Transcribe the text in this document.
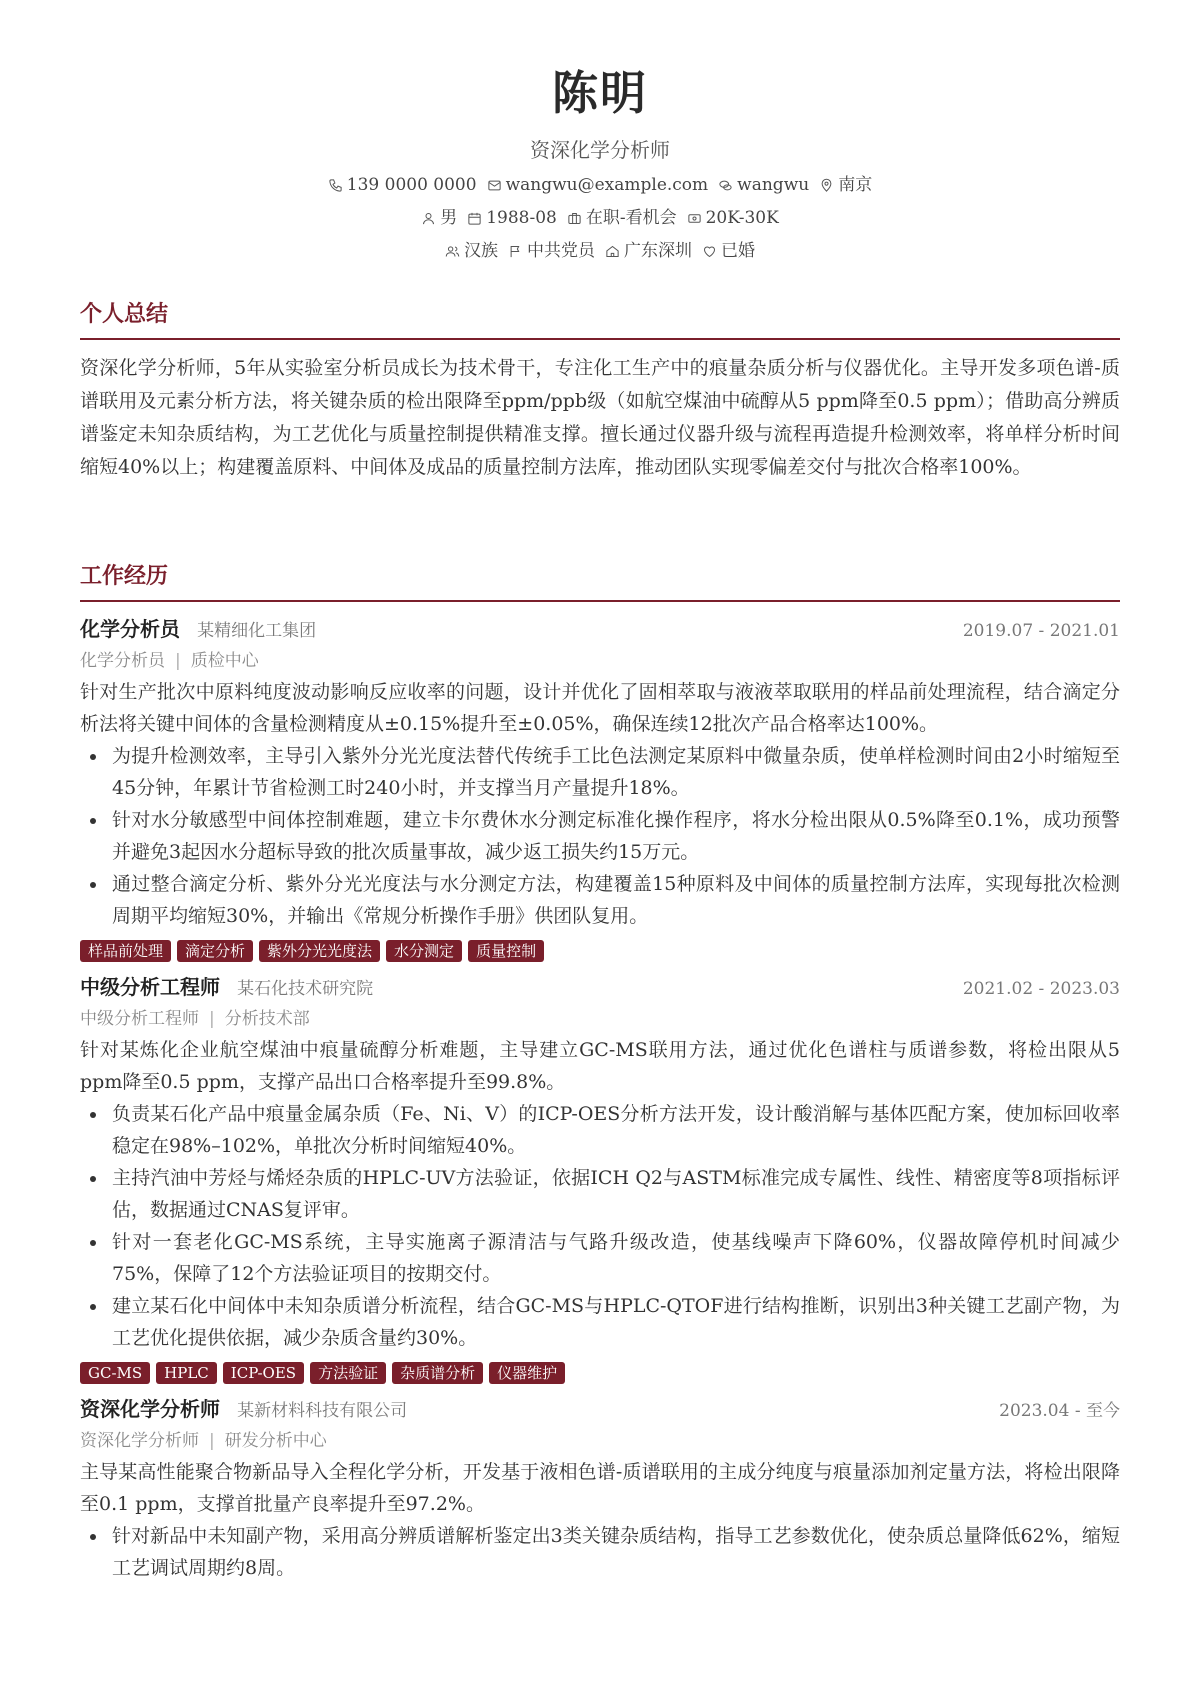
陈明
资深化学分析师
139 0000 0000 wangwu@example.com wangwu 南京
男 1988-08 在职-看机会 20K-30K
汉族 中共党员 广东深圳 已婚
个人总结
资深化学分析师，5年从实验室分析员成长为技术骨干，专注化工生产中的痕量杂质分析与仪器优化。主导开发多项色谱-质谱联用及元素分析方法，将关键杂质的检出限降至ppm/ppb级（如航空煤油中硫醇从5 ppm降至0.5 ppm）；借助高分辨质谱鉴定未知杂质结构，为工艺优化与质量控制提供精准支撑。擅长通过仪器升级与流程再造提升检测效率，将单样分析时间缩短40%以上；构建覆盖原料、中间体及成品的质量控制方法库，推动团队实现零偏差交付与批次合格率100%。
工作经历
化学分析员 某精细化工集团	2019.07 - 2021.01
化学分析员 | 质检中心
针对生产批次中原料纯度波动影响反应收率的问题，设计并优化了固相萃取与液液萃取联用的样品前处理流程，结合滴定分析法将关键中间体的含量检测精度从±0.15%提升至±0.05%，确保连续12批次产品合格率达100%。
为提升检测效率，主导引入紫外分光光度法替代传统手工比色法测定某原料中微量杂质，使单样检测时间由2小时缩短至45分钟，年累计节省检测工时240小时，并支撑当月产量提升18%。
针对水分敏感型中间体控制难题，建立卡尔费休水分测定标准化操作程序，将水分检出限从0.5%降至0.1%，成功预警并避免3起因水分超标导致的批次质量事故，减少返工损失约15万元。
通过整合滴定分析、紫外分光光度法与水分测定方法，构建覆盖15种原料及中间体的质量控制方法库，实现每批次检测周期平均缩短30%，并输出《常规分析操作手册》供团队复用。
样品前处理	滴定分析	紫外分光光度法	水分测定	质量控制
中级分析工程师 某石化技术研究院	2021.02 - 2023.03
中级分析工程师 | 分析技术部
针对某炼化企业航空煤油中痕量硫醇分析难题，主导建立GC-MS联用方法，通过优化色谱柱与质谱参数，将检出限从5 ppm降至0.5 ppm，支撑产品出口合格率提升至99.8%。
负责某石化产品中痕量金属杂质（Fe、Ni、V）的ICP-OES分析方法开发，设计酸消解与基体匹配方案，使加标回收率稳定在98%–102%，单批次分析时间缩短40%。
主持汽油中芳烃与烯烃杂质的HPLC-UV方法验证，依据ICH Q2与ASTM标准完成专属性、线性、精密度等8项指标评估，数据通过CNAS复评审。
针对一套老化GC-MS系统，主导实施离子源清洁与气路升级改造，使基线噪声下降60%，仪器故障停机时间减少75%，保障了12个方法验证项目的按期交付。
建立某石化中间体中未知杂质谱分析流程，结合GC-MS与HPLC-QTOF进行结构推断，识别出3种关键工艺副产物，为工艺优化提供依据，减少杂质含量约30%。
GC-MS	HPLC	ICP-OES	方法验证	杂质谱分析	仪器维护
资深化学分析师 某新材料科技有限公司	2023.04 - 至今
资深化学分析师 | 研发分析中心
主导某高性能聚合物新品导入全程化学分析，开发基于液相色谱-质谱联用的主成分纯度与痕量添加剂定量方法，将检出限降至0.1 ppm，支撑首批量产良率提升至97.2%。
针对新品中未知副产物，采用高分辨质谱解析鉴定出3类关键杂质结构，指导工艺参数优化，使杂质总量降低62%，缩短工艺调试周期约8周。
